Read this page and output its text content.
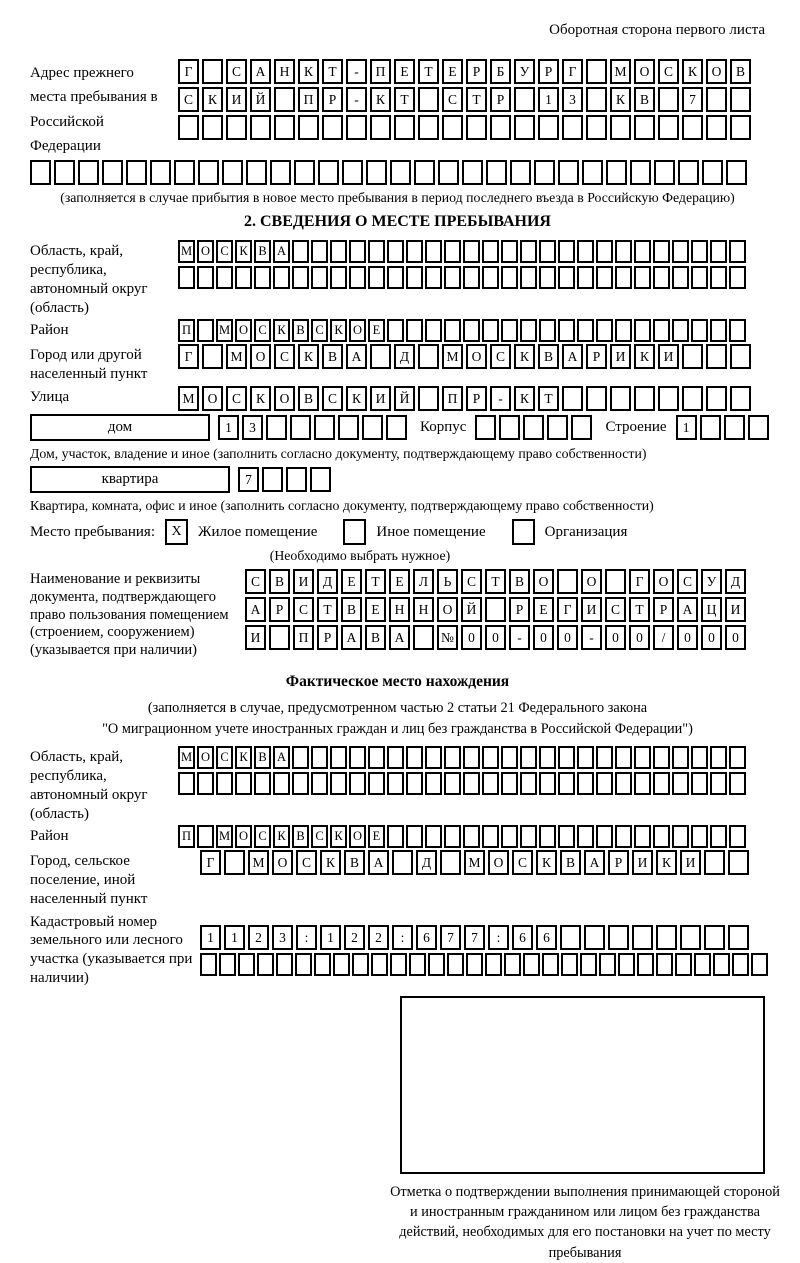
Оборотная сторона первого листа
Адрес прежнего места пребывания в Российской Федерации
Г	С	А	Н	К	Т	-	П	Е	Т	Е	Р	Б	У	Р	Г	М О	С	К	О	В
С	К	И	Й	П	Р	-	К	Т	С	Т	Р	1	3	К	В	7
(заполняется в случае прибытия в новое место пребывания в период последнего въезда в Российскую Федерацию)
2. СВЕДЕНИЯ О МЕСТЕ ПРЕБЫВАНИЯ
Область, край, республика, автономный округ (область)
М О С К В А
Район	П	М О С К В С К О Е
Город или другой населенный пункт
Г	М О	С	К	В	А	Д	М О	С	К	В	А	Р	И	К	И
Улица	М О	С	К	О	В	С	К	И	Й	П	Р	-	К	Т
дом	1	3	Корпус	Строение	1
Дом, участок, владение и иное (заполнить согласно документу, подтверждающему право собственности)
квартира	7
Квартира, комната, офис и иное (заполнить согласно документу, подтверждающему право собственности)
Место пребывания:	X	Жилое помещение	Иное помещение	Организация
(Необходимо выбрать нужное)
Наименование и реквизиты документа, подтверждающего право пользования помещением (строением, сооружением) (указывается при наличии)
С	В	И	Д	Е	Т	Е	Л	Ь	С	Т	В	О	О	Г	О	С	У	Д
А	Р	С	Т	В	Е	Н	Н	О	Й	Р	Е	Г	И	С	Т	Р	А	Ц	И
И	П	Р	А	В	А	№	0	0	-	0	0	-	0	0	/	0	0	0
Фактическое место нахождения
(заполняется в случае, предусмотренном частью 2 статьи 21 Федерального закона
"О миграционном учете иностранных граждан и лиц без гражданства в Российской Федерации")
Область, край, республика, автономный округ (область)
М О С К В А
Район	П	М О С К В С К О Е
Город, сельское поселение, иной населенный пункт
Г	М О	С	К	В	А	Д	М О	С	К	В	А	Р	И	К	И
Кадастровый номер земельного или лесного участка (указывается при наличии)
1	1	2	3	:	1	2	2	:	6	7	7	:	6	6
Отметка о подтверждении выполнения принимающей стороной и иностранным гражданином или лицом без гражданства действий, необходимых для его постановки на учет по месту пребывания
